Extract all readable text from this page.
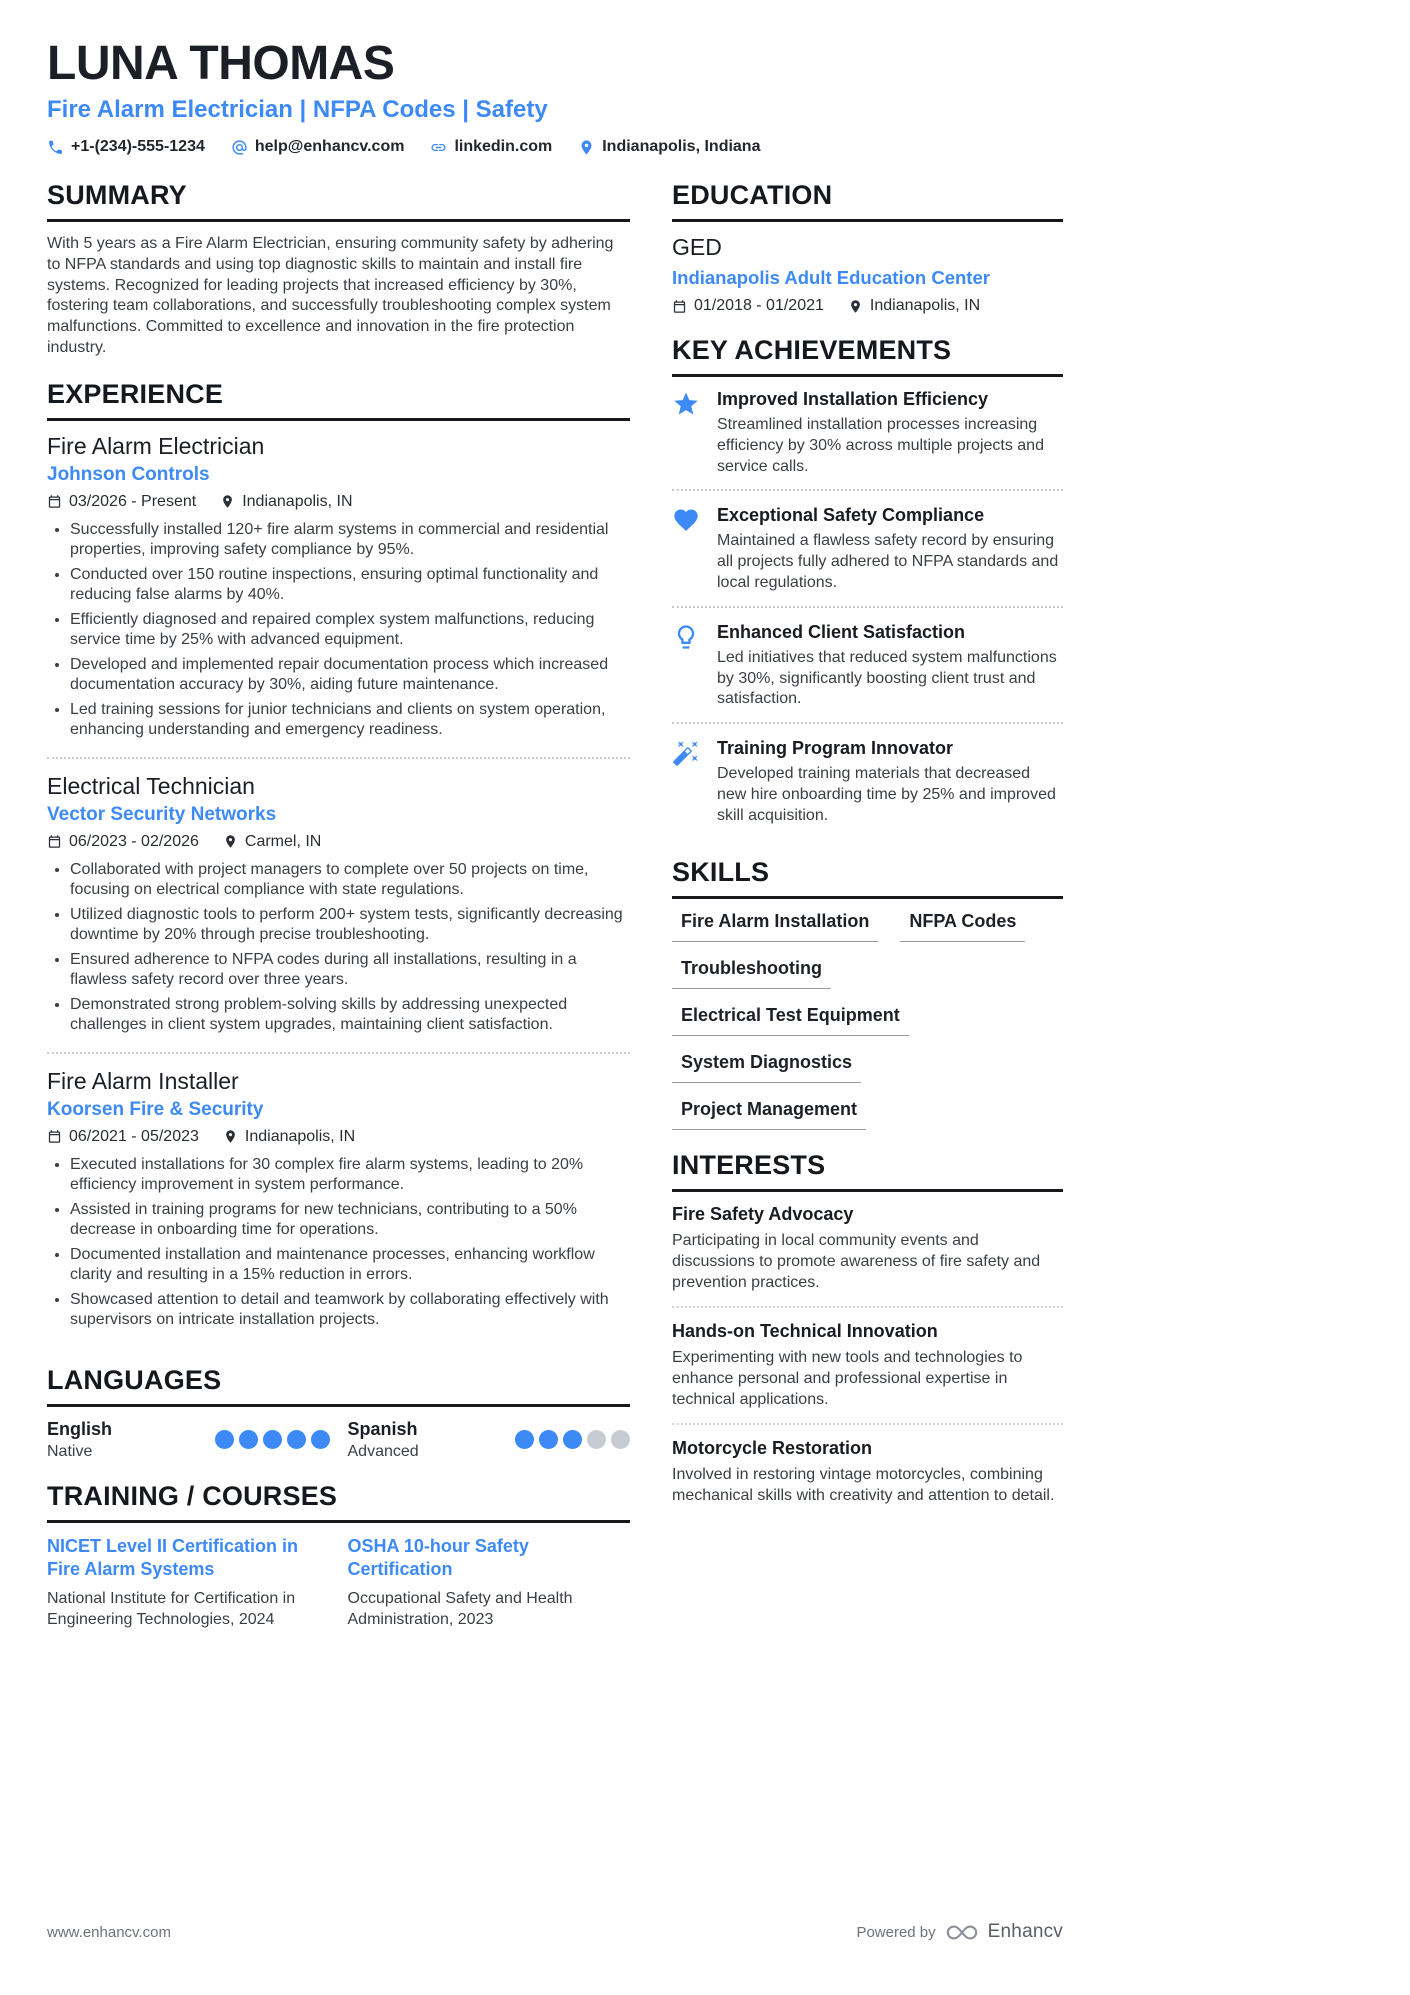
LUNA THOMAS
Fire Alarm Electrician | NFPA Codes | Safety
+1-(234)-555-1234	help@enhancv.com	linkedin.com	Indianapolis, Indiana
SUMMARY

With 5 years as a Fire Alarm Electrician, ensuring community safety by adhering to NFPA standards and using top diagnostic skills to maintain and install fire systems. Recognized for leading projects that increased efficiency by 30%, fostering team collaborations, and successfully troubleshooting complex system malfunctions. Committed to excellence and innovation in the fire protection industry.

EXPERIENCE
Fire Alarm Electrician
Johnson Controls
03/2026 - Present	Indianapolis, IN
• Successfully installed 120+ fire alarm systems in commercial and residential properties, improving safety compliance by 95%.
• Conducted over 150 routine inspections, ensuring optimal functionality and reducing false alarms by 40%.
• Efficiently diagnosed and repaired complex system malfunctions, reducing service time by 25% with advanced equipment.
• Developed and implemented repair documentation process which increased documentation accuracy by 30%, aiding future maintenance.
• Led training sessions for junior technicians and clients on system operation, enhancing understanding and emergency readiness.
Electrical Technician
Vector Security Networks
06/2023 - 02/2026	Carmel, IN
• Collaborated with project managers to complete over 50 projects on time, focusing on electrical compliance with state regulations.
• Utilized diagnostic tools to perform 200+ system tests, significantly decreasing downtime by 20% through precise troubleshooting.
• Ensured adherence to NFPA codes during all installations, resulting in a flawless safety record over three years.
• Demonstrated strong problem-solving skills by addressing unexpected challenges in client system upgrades, maintaining client satisfaction.
Fire Alarm Installer
Koorsen Fire & Security
06/2021 - 05/2023	Indianapolis, IN
• Executed installations for 30 complex fire alarm systems, leading to 20% efficiency improvement in system performance.
• Assisted in training programs for new technicians, contributing to a 50% decrease in onboarding time for operations.
• Documented installation and maintenance processes, enhancing workflow clarity and resulting in a 15% reduction in errors.
• Showcased attention to detail and teamwork by collaborating effectively with supervisors on intricate installation projects.
LANGUAGES
English
Native
Spanish
Advanced
TRAINING / COURSES
NICET Level II Certification in Fire Alarm Systems
National Institute for Certification in Engineering Technologies, 2024
OSHA 10-hour Safety Certification
Occupational Safety and Health Administration, 2023
EDUCATION
GED
Indianapolis Adult Education Center
01/2018 - 01/2021	Indianapolis, IN
KEY ACHIEVEMENTS
Improved Installation Efficiency
Streamlined installation processes increasing efficiency by 30% across multiple projects and service calls.
Exceptional Safety Compliance
Maintained a flawless safety record by ensuring all projects fully adhered to NFPA standards and local regulations.
Enhanced Client Satisfaction
Led initiatives that reduced system malfunctions by 30%, significantly boosting client trust and satisfaction.
Training Program Innovator
Developed training materials that decreased new hire onboarding time by 25% and improved skill acquisition.
SKILLS
Fire Alarm Installation	NFPA Codes
Troubleshooting
Electrical Test Equipment
System Diagnostics
Project Management
INTERESTS
Fire Safety Advocacy
Participating in local community events and discussions to promote awareness of fire safety and prevention practices.
Hands-on Technical Innovation
Experimenting with new tools and technologies to enhance personal and professional expertise in technical applications.
Motorcycle Restoration
Involved in restoring vintage motorcycles, combining mechanical skills with creativity and attention to detail.
www.enhancv.com	Powered by	Enhancv
